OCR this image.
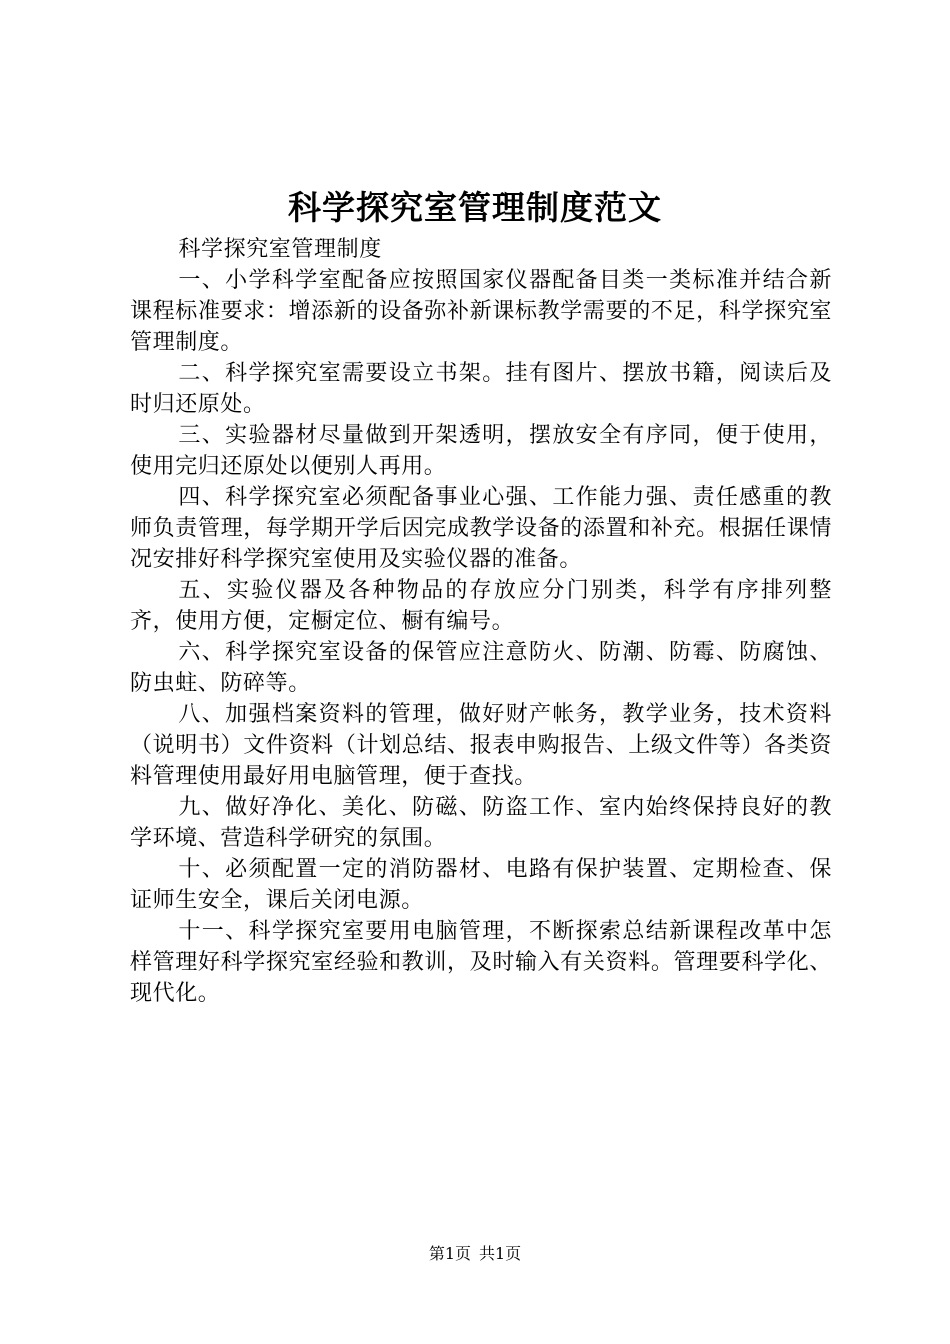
科学探究室管理制度范文

科学探究室管理制度

一、小学科学室配备应按照国家仪器配备目类一类标准并结合新课程标准要求：增添新的设备弥补新课标教学需要的不足，科学探究室管理制度。

二、科学探究室需要设立书架。挂有图片、摆放书籍，阅读后及时归还原处。

三、实验器材尽量做到开架透明，摆放安全有序同，便于使用，使用完归还原处以便别人再用。

四、科学探究室必须配备事业心强、工作能力强、责任感重的教师负责管理，每学期开学后因完成教学设备的添置和补充。根据任课情况安排好科学探究室使用及实验仪器的准备。

五、实验仪器及各种物品的存放应分门别类，科学有序排列整齐，使用方便，定橱定位、橱有编号。

六、科学探究室设备的保管应注意防火、防潮、防霉、防腐蚀、防虫蛀、防碎等。

八、加强档案资料的管理，做好财产帐务，教学业务，技术资料（说明书）文件资料（计划总结、报表申购报告、上级文件等）各类资料管理使用最好用电脑管理，便于查找。

九、做好净化、美化、防磁、防盗工作、室内始终保持良好的教学环境、营造科学研究的氛围。

十、必须配置一定的消防器材、电路有保护装置、定期检查、保证师生安全，课后关闭电源。

十一、科学探究室要用电脑管理，不断探索总结新课程改革中怎样管理好科学探究室经验和教训，及时输入有关资料。管理要科学化、现代化。

第1页 共1页
